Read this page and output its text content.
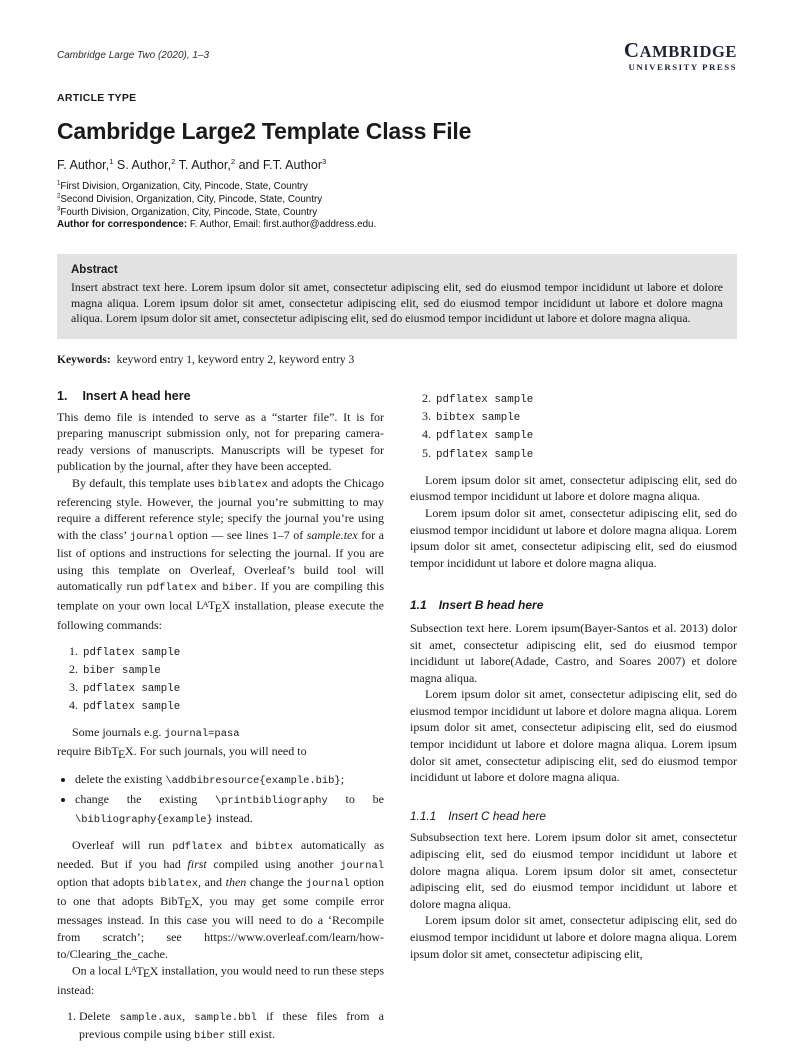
Cambridge Large Two (2020), 1–3	CAMBRIDGE
UNIVERSITY PRESS
ARTICLE TYPE
Cambridge Large2 Template Class File
F. Author,$^1$ S. Author,$^2$ T. Author,$^2$ and F.T. Author$^3$
$^1$First Division, Organization, City, Pincode, State, Country
$^2$Second Division, Organization, City, Pincode, State, Country
$^3$Fourth Division, Organization, City, Pincode, State, Country
Author for correspondence: F. Author, Email: first.author@address.edu.
Abstract

Insert abstract text here. Lorem ipsum dolor sit amet, consectetur adipiscing elit, sed do eiusmod tempor incididunt ut labore et dolore magna aliqua. Lorem ipsum dolor sit amet, consectetur adipiscing elit, sed do eiusmod tempor incididunt ut labore et dolore magna aliqua. Lorem ipsum dolor sit amet, consectetur adipiscing elit, sed do eiusmod tempor incididunt ut labore et dolore magna aliqua.

Keywords: keyword entry 1, keyword entry 2, keyword entry 3

1. Insert A head here

This demo file is intended to serve as a “starter file”. It is for preparing manuscript submission only, not for preparing camera-ready versions of manuscripts. Manuscripts will be typeset for publication by the journal, after they have been accepted.

By default, this template uses biblatex and adopts the Chicago referencing style. However, the journal you’re submitting to may require a different reference style; specify the journal you’re using with the class’ journal option — see lines 1–7 of sample.tex for a list of options and instructions for selecting the journal. If you are using this template on Overleaf, Overleaf’s build tool will automatically run pdflatex and biber. If you are compiling this template on your own local LATEX installation, please execute the following commands:

1. pdflatex sample
2. biber sample
3. pdflatex sample
4. pdflatex sample

Some journals e.g. journal=pasa
require BibTEX. For such journals, you will need to

• delete the existing \addbibresource{example.bib};
• change the existing \printbibliography to be \bibliography{example} instead.

Overleaf will run pdflatex and bibtex automatically as needed. But if you had first compiled using another journal option that adopts biblatex, and then change the journal option to one that adopts BibTEX, you may get some compile error messages instead. In this case you will need to do a ‘Recompile from scratch’; see https://www.overleaf.com/learn/how-to/Clearing_the_cache.

On a local LATEX installation, you would need to run these steps instead:

1. Delete sample.aux, sample.bbl if these files from a previous compile using biber still exist.
2. pdflatex sample
3. bibtex sample
4. pdflatex sample
5. pdflatex sample

Lorem ipsum dolor sit amet, consectetur adipiscing elit, sed do eiusmod tempor incididunt ut labore et dolore magna aliqua.

Lorem ipsum dolor sit amet, consectetur adipiscing elit, sed do eiusmod tempor incididunt ut labore et dolore magna aliqua. Lorem ipsum dolor sit amet, consectetur adipiscing elit, sed do eiusmod tempor incididunt ut labore et dolore magna aliqua.

1.1 Insert B head here

Subsection text here. Lorem ipsum(Bayer-Santos et al. 2013) dolor sit amet, consectetur adipiscing elit, sed do eiusmod tempor incididunt ut labore(Adade, Castro, and Soares 2007) et dolore magna aliqua.

Lorem ipsum dolor sit amet, consectetur adipiscing elit, sed do eiusmod tempor incididunt ut labore et dolore magna aliqua. Lorem ipsum dolor sit amet, consectetur adipiscing elit, sed do eiusmod tempor incididunt ut labore et dolore magna aliqua. Lorem ipsum dolor sit amet, consectetur adipiscing elit, sed do eiusmod tempor incididunt ut labore et dolore magna aliqua.

1.1.1 Insert C head here

Subsubsection text here. Lorem ipsum dolor sit amet, consectetur adipiscing elit, sed do eiusmod tempor incididunt ut labore et dolore magna aliqua. Lorem ipsum dolor sit amet, consectetur adipiscing elit, sed do eiusmod tempor incididunt ut labore et dolore magna aliqua.

Lorem ipsum dolor sit amet, consectetur adipiscing elit, sed do eiusmod tempor incididunt ut labore et dolore magna aliqua. Lorem ipsum dolor sit amet, consectetur adipiscing elit,
